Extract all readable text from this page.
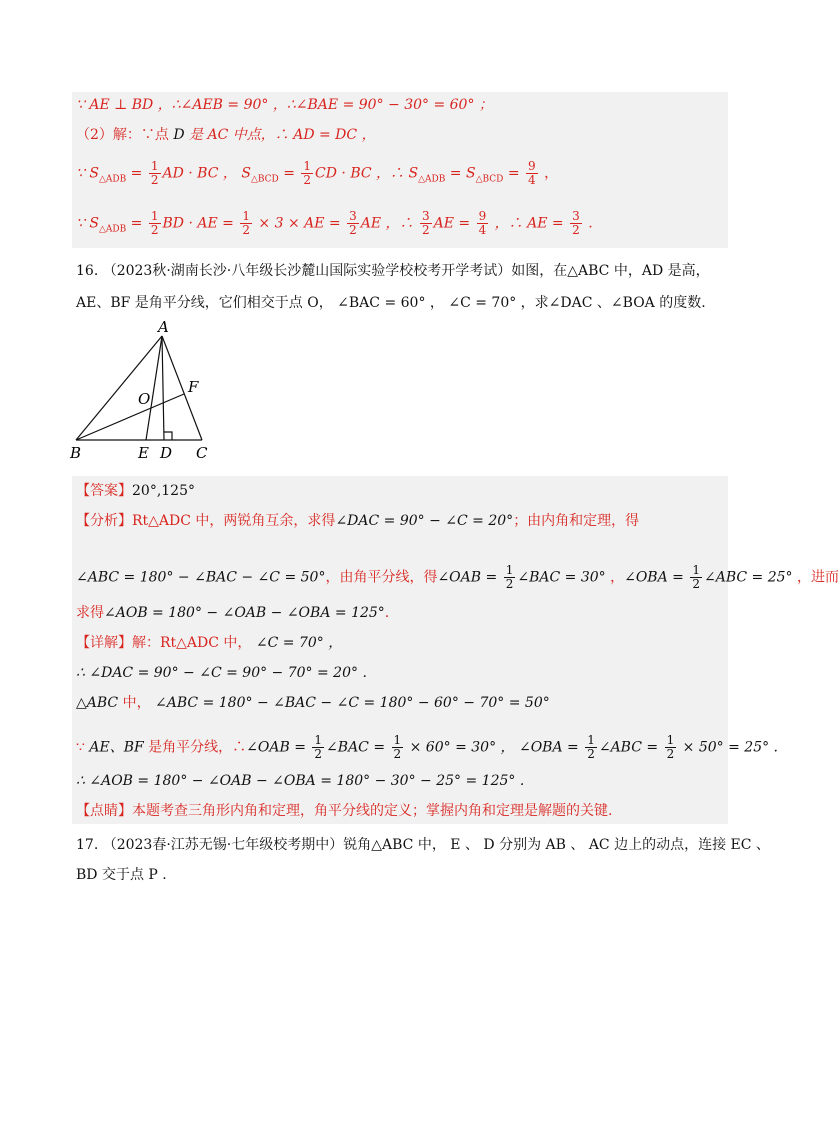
∵ AE ⊥ BD ，∴∠AEB = 90° ，∴∠BAE = 90° − 30° = 60° ；
（2）解：∵点 D 是 AC 中点，∴ AD = DC ，
∵ $S_{\triangle ADB} = \frac{1}{2}$ AD · BC ， $S_{\triangle BCD} = \frac{1}{2}$ CD · BC ，∴ $S_{\triangle ADB} = S_{\triangle BCD} = \frac{9}{4}$ ，
∵ $S_{\triangle ADB} = \frac{1}{2}$ BD · AE = $\frac{1}{2} \times 3$ × AE = $\frac{3}{2}$ AE ，∴ $\frac{3}{2}$ AE = $\frac{9}{4}$ ，∴ AE = $\frac{3}{2}$ .
16. （2023秋·湖南长沙·八年级长沙麓山国际实验学校校考开学考试）如图，在△ABC 中，AD 是高，
AE、BF 是角平分线，它们相交于点 O， ∠BAC = 60° ， ∠C = 70° ，求∠DAC 、∠BOA 的度数.
A
B	C
E D
F
O
【答案】20°,125°
【分析】Rt△ADC 中，两锐角互余，求得∠DAC = 90° − ∠C = 20°；由内角和定理，得
∠ABC = 180° − ∠BAC − ∠C = 50°，由角平分线，得∠OAB = $\frac{1}{2}$ ∠BAC = 30° ，∠OBA = $\frac{1}{2}$ ∠ABC = 25° ，进而
求得∠AOB = 180° − ∠OAB − ∠OBA = 125°.
【详解】解：Rt△ADC 中， ∠C = 70° ，
∴ ∠DAC = 90° − ∠C = 90° − 70° = 20° .
△ABC 中， ∠ABC = 180° − ∠BAC − ∠C = 180° − 60° − 70° = 50°
∵ AE、BF 是角平分线，∴∠OAB = $\frac{1}{2}$ ∠BAC = $\frac{1}{2} \times 60^\circ = 30^\circ$ ， ∠OBA = $\frac{1}{2}$ ∠ABC = $\frac{1}{2} \times 50^\circ = 25^\circ$ .
∴ ∠AOB = 180° − ∠OAB − ∠OBA = 180° − 30° − 25° = 125° .
【点睛】本题考查三角形内角和定理，角平分线的定义；掌握内角和定理是解题的关键.
17. （2023春·江苏无锡·七年级校考期中）锐角△ABC 中， E 、 D 分别为 AB 、 AC 边上的动点，连接 EC 、
BD 交于点 P .
